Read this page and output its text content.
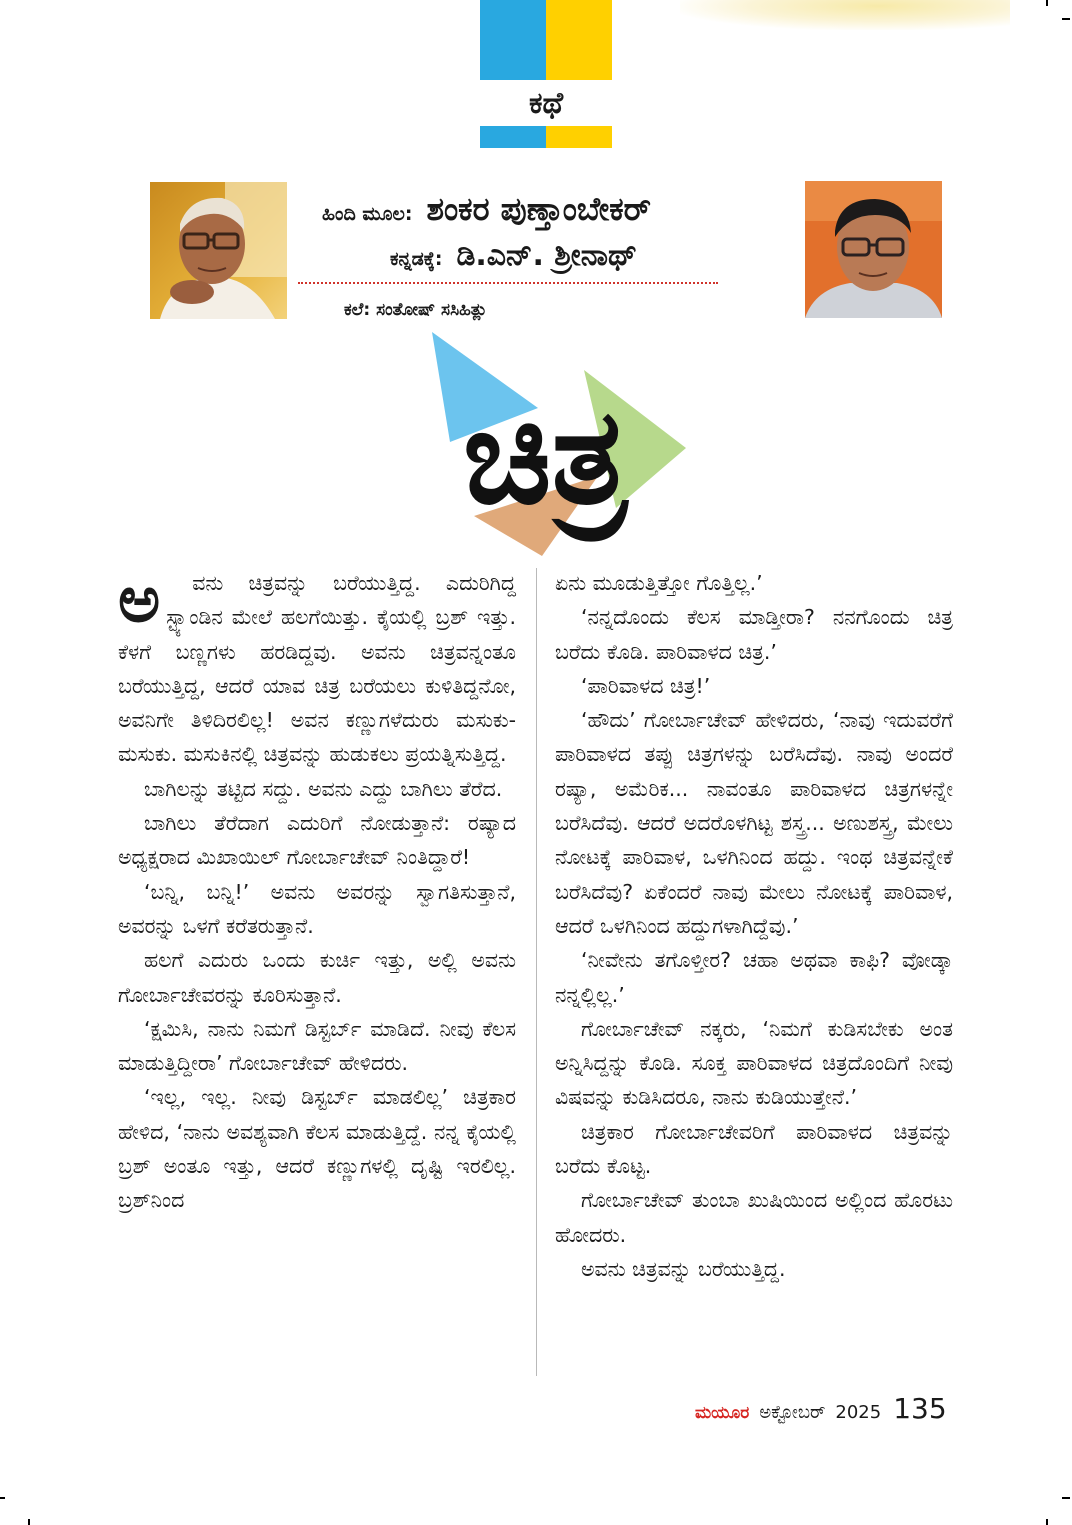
ಕಥೆ
ಹಿಂದಿ ಮೂಲ: ಶಂಕರ ಪುಣ್ತಾಂಬೇಕರ್
ಕನ್ನಡಕ್ಕೆ: ಡಿ.ಎನ್. ಶ್ರೀನಾಥ್
ಕಲೆ: ಸಂತೋಷ್ ಸಸಿಹಿತ್ಲು
ಚಿತ್ರ

ಅ ವನು ಚಿತ್ರವನ್ನು ಬರೆಯುತ್ತಿದ್ದ. ಎದುರಿಗಿದ್ದ ಸ್ಟ್ಯಾಂಡಿನ ಮೇಲೆ ಹಲಗೆಯಿತ್ತು. ಕೈಯಲ್ಲಿ ಬ್ರಶ್ ಇತ್ತು. ಕೆಳಗೆ ಬಣ್ಣಗಳು ಹರಡಿದ್ದವು. ಅವನು ಚಿತ್ರವನ್ನಂತೂ ಬರೆಯುತ್ತಿದ್ದ, ಆದರೆ ಯಾವ ಚಿತ್ರ ಬರೆಯಲು ಕುಳಿತಿದ್ದನೋ, ಅವನಿಗೇ ತಿಳಿದಿರಲಿಲ್ಲ! ಅವನ ಕಣ್ಣುಗಳೆದುರು ಮಸುಕು-ಮಸುಕು. ಮಸುಕಿನಲ್ಲಿ ಚಿತ್ರವನ್ನು ಹುಡುಕಲು ಪ್ರಯತ್ನಿಸುತ್ತಿದ್ದ.

ಬಾಗಿಲನ್ನು ತಟ್ಟಿದ ಸದ್ದು. ಅವನು ಎದ್ದು ಬಾಗಿಲು ತೆರೆದ.

ಬಾಗಿಲು ತೆರೆದಾಗ ಎದುರಿಗೆ ನೋಡುತ್ತಾನೆ: ರಷ್ಯಾದ ಅಧ್ಯಕ್ಷರಾದ ಮಿಖಾಯಿಲ್ ಗೋರ್ಬಾಚೇವ್ ನಿಂತಿದ್ದಾರೆ!

‘ಬನ್ನಿ, ಬನ್ನಿ!’ ಅವನು ಅವರನ್ನು ಸ್ವಾಗತಿಸುತ್ತಾನೆ, ಅವರನ್ನು ಒಳಗೆ ಕರೆತರುತ್ತಾನೆ.

ಹಲಗೆ ಎದುರು ಒಂದು ಕುರ್ಚಿ ಇತ್ತು, ಅಲ್ಲಿ ಅವನು ಗೋರ್ಬಾಚೇವರನ್ನು ಕೂರಿಸುತ್ತಾನೆ.

‘ಕ್ಷಮಿಸಿ, ನಾನು ನಿಮಗೆ ಡಿಸ್ಟರ್ಬ್ ಮಾಡಿದೆ. ನೀವು ಕೆಲಸ ಮಾಡುತ್ತಿದ್ದೀರಾ’ ಗೋರ್ಬಾಚೇವ್ ಹೇಳಿದರು.

‘ಇಲ್ಲ, ಇಲ್ಲ. ನೀವು ಡಿಸ್ಟರ್ಬ್ ಮಾಡಲಿಲ್ಲ’ ಚಿತ್ರಕಾರ ಹೇಳಿದ, ‘ನಾನು ಅವಶ್ಯವಾಗಿ ಕೆಲಸ ಮಾಡುತ್ತಿದ್ದೆ. ನನ್ನ ಕೈಯಲ್ಲಿ ಬ್ರಶ್ ಅಂತೂ ಇತ್ತು, ಆದರೆ ಕಣ್ಣುಗಳಲ್ಲಿ ದೃಷ್ಟಿ ಇರಲಿಲ್ಲ. ಬ್ರಶ್‌ನಿಂದ

ಏನು ಮೂಡುತ್ತಿತ್ತೋ ಗೊತ್ತಿಲ್ಲ.’

‘ನನ್ನದೊಂದು ಕೆಲಸ ಮಾಡ್ತೀರಾ? ನನಗೊಂದು ಚಿತ್ರ ಬರೆದು ಕೊಡಿ. ಪಾರಿವಾಳದ ಚಿತ್ರ.’

‘ಪಾರಿವಾಳದ ಚಿತ್ರ!’

‘ಹೌದು’ ಗೋರ್ಬಾಚೇವ್ ಹೇಳಿದರು, ‘ನಾವು ಇದುವರೆಗೆ ಪಾರಿವಾಳದ ತಪ್ಪು ಚಿತ್ರಗಳನ್ನು ಬರೆಸಿದೆವು. ನಾವು ಅಂದರೆ ರಷ್ಯಾ, ಅಮೆರಿಕ... ನಾವಂತೂ ಪಾರಿವಾಳದ ಚಿತ್ರಗಳನ್ನೇ ಬರೆಸಿದೆವು. ಆದರೆ ಅದರೊಳಗಿಟ್ಟ ಶಸ್ತ್ರ... ಅಣುಶಸ್ತ್ರ, ಮೇಲು ನೋಟಕ್ಕೆ ಪಾರಿವಾಳ, ಒಳಗಿನಿಂದ ಹದ್ದು. ಇಂಥ ಚಿತ್ರವನ್ನೇಕೆ ಬರೆಸಿದೆವು? ಏಕೆಂದರೆ ನಾವು ಮೇಲು ನೋಟಕ್ಕೆ ಪಾರಿವಾಳ, ಆದರೆ ಒಳಗಿನಿಂದ ಹದ್ದುಗಳಾಗಿದ್ದೆವು.’

‘ನೀವೇನು ತಗೊಳ್ತೀರ? ಚಹಾ ಅಥವಾ ಕಾಫಿ? ವೋಡ್ಕಾ ನನ್ನಲ್ಲಿಲ್ಲ.’

ಗೋರ್ಬಾಚೇವ್ ನಕ್ಕರು, ‘ನಿಮಗೆ ಕುಡಿಸಬೇಕು ಅಂತ ಅನ್ನಿಸಿದ್ದನ್ನು ಕೊಡಿ. ಸೂಕ್ತ ಪಾರಿವಾಳದ ಚಿತ್ರದೊಂದಿಗೆ ನೀವು ವಿಷವನ್ನು ಕುಡಿಸಿದರೂ, ನಾನು ಕುಡಿಯುತ್ತೇನೆ.’

ಚಿತ್ರಕಾರ ಗೋರ್ಬಾಚೇವರಿಗೆ ಪಾರಿವಾಳದ ಚಿತ್ರವನ್ನು ಬರೆದು ಕೊಟ್ಟ.

ಗೋರ್ಬಾಚೇವ್ ತುಂಬಾ ಖುಷಿಯಿಂದ ಅಲ್ಲಿಂದ ಹೊರಟು ಹೋದರು.

ಅವನು ಚಿತ್ರವನ್ನು ಬರೆಯುತ್ತಿದ್ದ.

ಮಯೂರ ಅಕ್ಟೋಬರ್ 2025 135
